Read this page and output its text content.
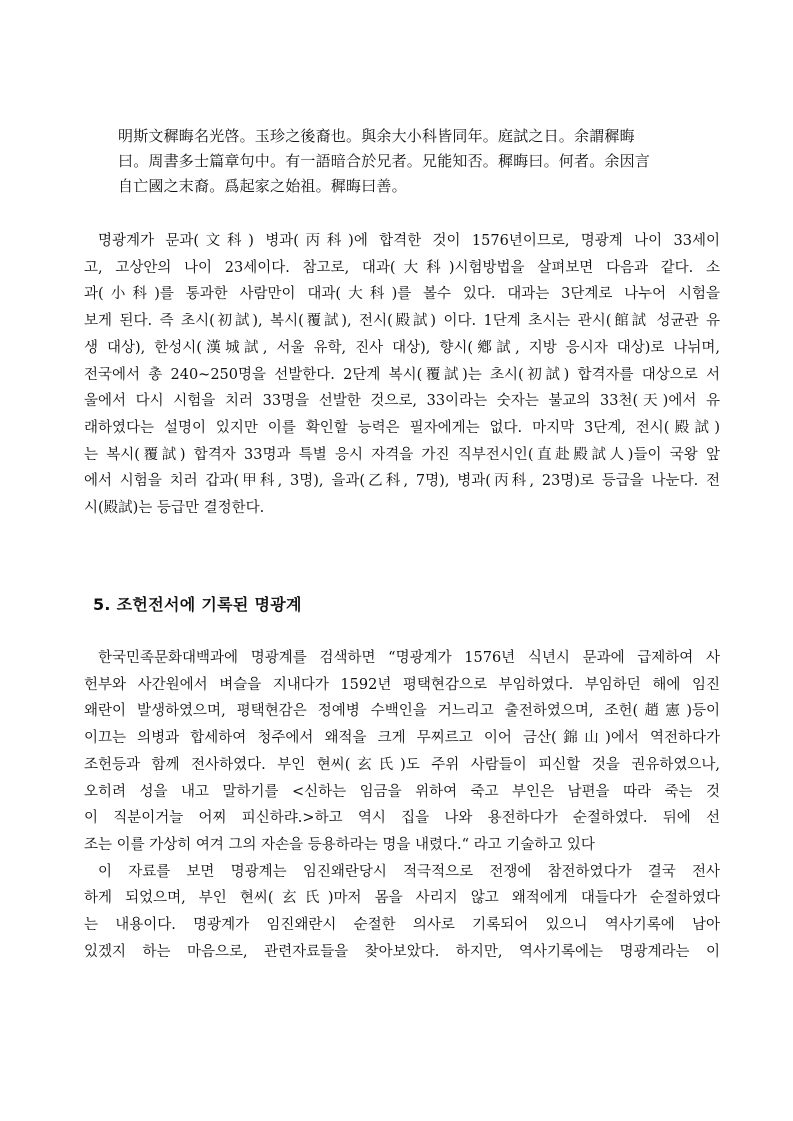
明斯文穉晦名光啓。玉珍之後裔也。與余大小科皆同年。庭試之日。余謂穉晦
曰。周書多士篇章句中。有一語暗合於兄者。兄能知否。穉晦曰。何者。余因言
自亡國之末裔。爲起家之始祖。穉晦曰善。
명광계가 문과(文科) 병과(丙科)에 합격한 것이 1576년이므로, 명광계 나이 33세이
고, 고상안의 나이 23세이다. 참고로, 대과(大科)시험방법을 살펴보면 다음과 같다. 소
과(小科)를 통과한 사람만이 대과(大科)를 볼수 있다. 대과는 3단계로 나누어 시험을
보게 된다. 즉 초시(初試), 복시(覆試), 전시(殿試) 이다. 1단계 초시는 관시(館試 성균관 유
생 대상), 한성시(漢城試, 서울 유학, 진사 대상), 향시(鄕試, 지방 응시자 대상)로 나뉘며,
전국에서 총 240~250명을 선발한다. 2단계 복시(覆試)는 초시(初試) 합격자를 대상으로 서
울에서 다시 시험을 치러 33명을 선발한 것으로, 33이라는 숫자는 불교의 33천(天)에서 유
래하였다는 설명이 있지만 이를 확인할 능력은 필자에게는 없다. 마지막 3단계, 전시(殿試)
는 복시(覆試) 합격자 33명과 특별 응시 자격을 가진 직부전시인(直赴殿試人)들이 국왕 앞
에서 시험을 치러 갑과(甲科, 3명), 을과(乙科, 7명), 병과(丙科, 23명)로 등급을 나눈다. 전
시(殿試)는 등급만 결정한다.
5. 조헌전서에 기록된 명광계
한국민족문화대백과에 명광계를 검색하면 “명광계가 1576년 식년시 문과에 급제하여 사
헌부와 사간원에서 벼슬을 지내다가 1592년 평택현감으로 부임하였다. 부임하던 해에 임진
왜란이 발생하였으며, 평택현감은 정예병 수백인을 거느리고 출전하였으며, 조헌(趙憲)등이
이끄는 의병과 합세하여 청주에서 왜적을 크게 무찌르고 이어 금산(錦山)에서 역전하다가
조헌등과 함께 전사하였다. 부인 현씨(玄氏)도 주위 사람들이 피신할 것을 권유하였으나,
오히려 성을 내고 말하기를 <신하는 임금을 위하여 죽고 부인은 남편을 따라 죽는 것
이 직분이거늘 어찌 피신하랴.>하고 역시 집을 나와 용전하다가 순절하였다. 뒤에 선
조는 이를 가상히 여겨 그의 자손을 등용하라는 명을 내렸다.“ 라고 기술하고 있다
이 자료를 보면 명광계는 임진왜란당시 적극적으로 전쟁에 참전하였다가 결국 전사
하게 되었으며, 부인 현씨(玄氏)마저 몸을 사리지 않고 왜적에게 대들다가 순절하였다
는 내용이다. 명광계가 임진왜란시 순절한 의사로 기록되어 있으니 역사기록에 남아
있겠지 하는 마음으로, 관련자료들을 찾아보았다. 하지만, 역사기록에는 명광계라는 이
